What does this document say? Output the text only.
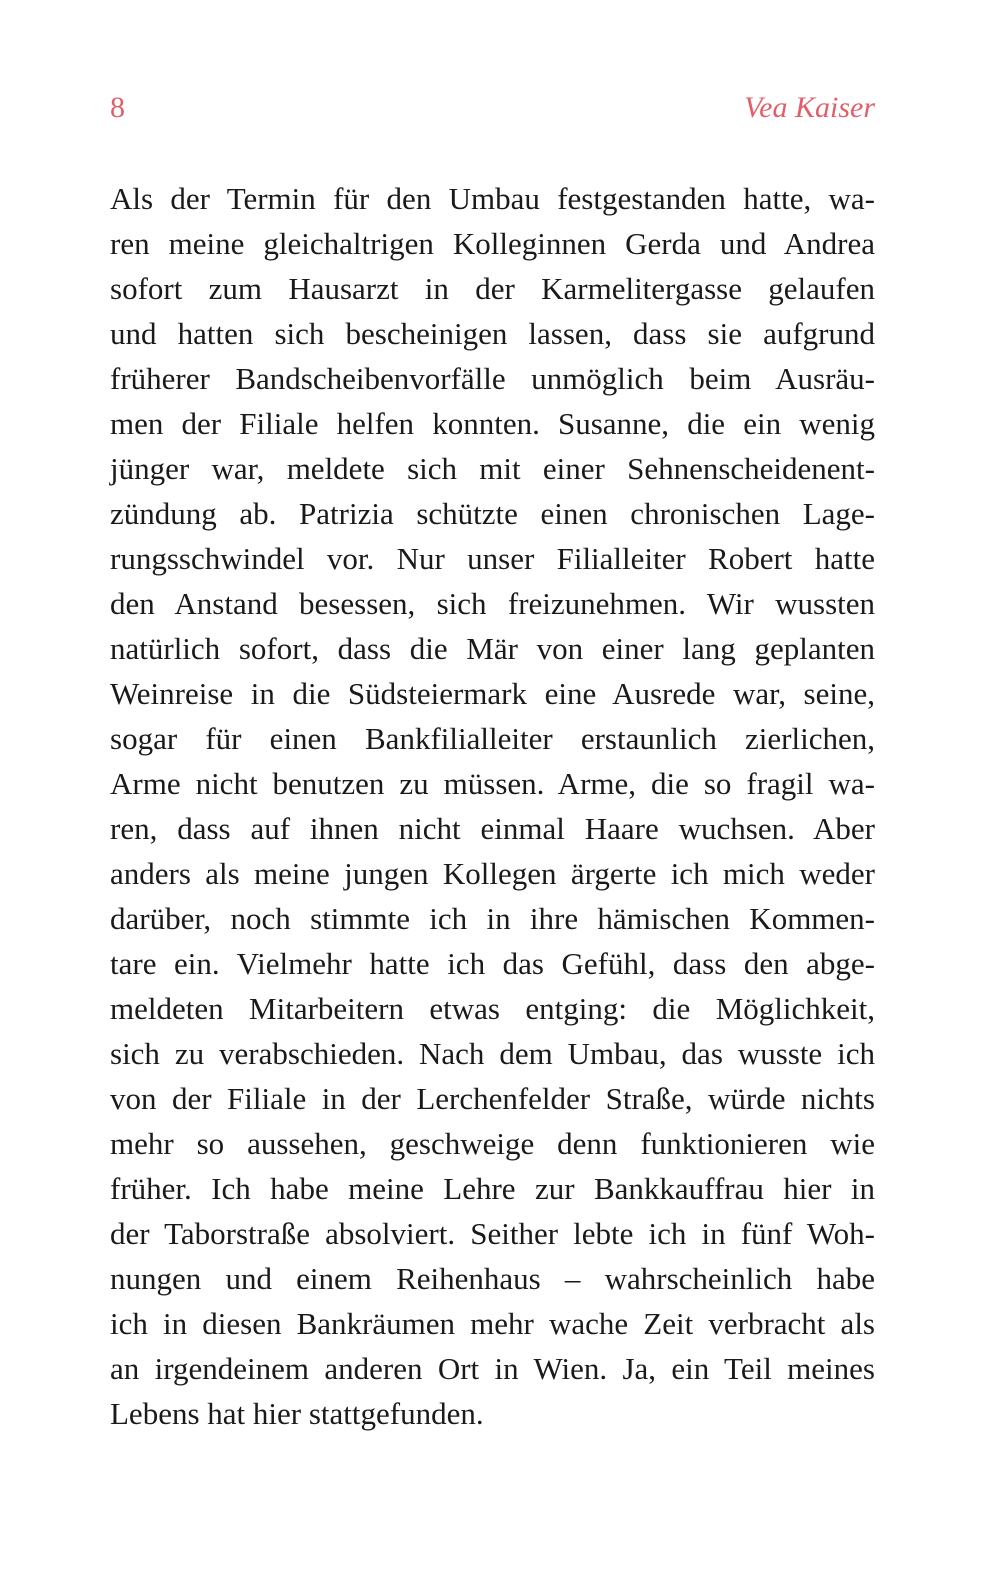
8	Vea Kaiser
Als der Termin für den Umbau festgestanden hatte, wa-
ren meine gleichaltrigen Kolleginnen Gerda und Andrea
sofort zum Hausarzt in der Karmelitergasse gelaufen
und hatten sich bescheinigen lassen, dass sie aufgrund
früherer Bandscheibenvorfälle unmöglich beim Ausräu-
men der Filiale helfen konnten. Susanne, die ein wenig
jünger war, meldete sich mit einer Sehnenscheidenent-
zündung ab. Patrizia schützte einen chronischen Lage-
rungsschwindel vor. Nur unser Filialleiter Robert hatte
den Anstand besessen, sich freizunehmen. Wir wussten
natürlich sofort, dass die Mär von einer lang geplanten
Weinreise in die Südsteiermark eine Ausrede war, seine,
sogar für einen Bankfilialleiter erstaunlich zierlichen,
Arme nicht benutzen zu müssen. Arme, die so fragil wa-
ren, dass auf ihnen nicht einmal Haare wuchsen. Aber
anders als meine jungen Kollegen ärgerte ich mich weder
darüber, noch stimmte ich in ihre hämischen Kommen-
tare ein. Vielmehr hatte ich das Gefühl, dass den abge-
meldeten Mitarbeitern etwas entging: die Möglichkeit,
sich zu verabschieden. Nach dem Umbau, das wusste ich
von der Filiale in der Lerchenfelder Straße, würde nichts
mehr so aussehen, geschweige denn funktionieren wie
früher. Ich habe meine Lehre zur Bankkauffrau hier in
der Taborstraße absolviert. Seither lebte ich in fünf Woh-
nungen und einem Reihenhaus – wahrscheinlich habe
ich in diesen Bankräumen mehr wache Zeit verbracht als
an irgendeinem anderen Ort in Wien. Ja, ein Teil meines
Lebens hat hier stattgefunden.
